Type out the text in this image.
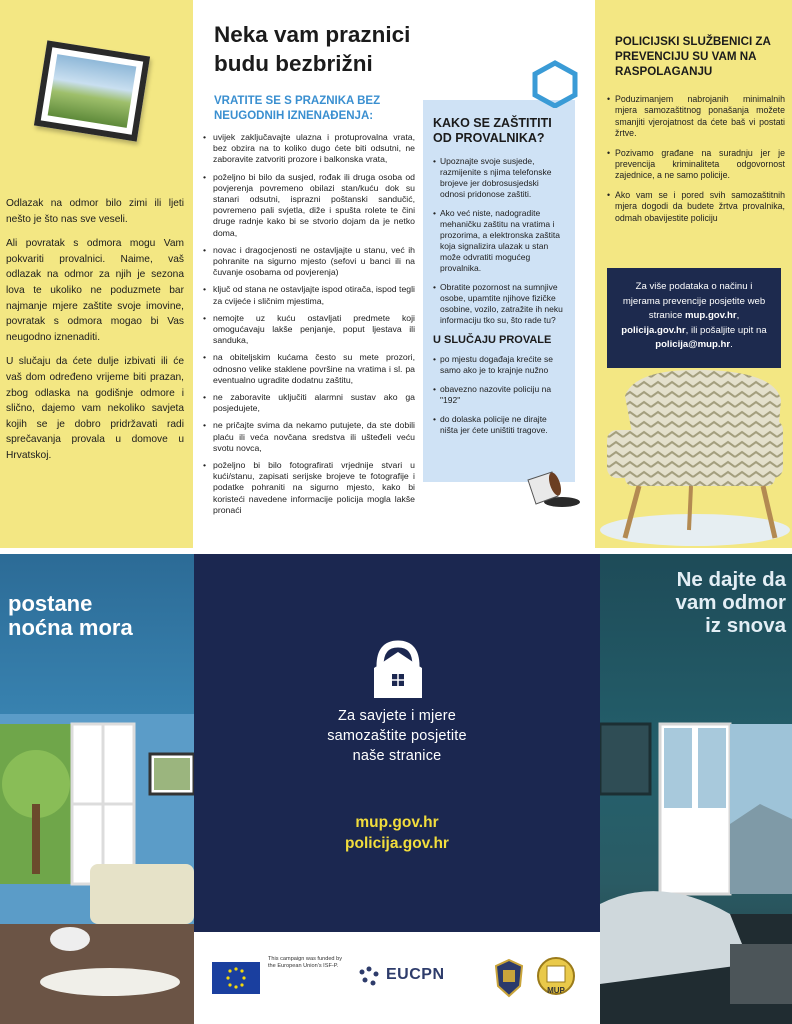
Odlazak na odmor bilo zimi ili ljeti nešto je što nas sve veseli.

Ali povratak s odmora mogu Vam pokvariti provalnici. Naime, vaš odlazak na odmor za njih je sezona lova te ukoliko ne poduzmete bar najmanje mjere zaštite svoje imovine, povratak s odmora mogao bi Vas neugodno iznenaditi.

U slučaju da ćete dulje izbivati ili će vaš dom određeno vrijeme biti prazan, zbog odlaska na godišnje odmore i slično, dajemo vam nekoliko savjeta kojih se je dobro pridržavati radi sprečavanja provala u domove u Hrvatskoj.

Neka vam praznici
budu bezbrižni
VRATITE SE S PRAZNIKA BEZ NEUGODNIH IZNENAĐENJA:
• uvijek zaključavajte ulazna i protuprovalna vrata, bez obzira na to koliko dugo ćete biti odsutni, ne zaboravite zatvoriti prozore i balkonska vrata,
• poželjno bi bilo da susjed, rođak ili druga osoba od povjerenja povremeno obilazi stan/kuću dok su stanari odsutni, isprazni poštanski sandučić, povremeno pali svjetla, diže i spušta rolete te čini druge radnje kako bi se stvorio dojam da je netko doma,
• novac i dragocjenosti ne ostavljajte u stanu, već ih pohranite na sigurno mjesto (sefovi u banci ili na čuvanje osobama od povjerenja)
• ključ od stana ne ostavljajte ispod otirača, ispod tegli za cvijeće i sličnim mjestima,
• nemojte uz kuću ostavljati predmete koji omogućavaju lakše penjanje, poput ljestava ili sanduka,
• na obiteljskim kućama često su mete prozori, odnosno velike staklene površine na vratima i sl. pa eventualno ugradite dodatnu zaštitu,
• ne zaboravite uključiti alarmni sustav ako ga posjedujete,
• ne pričajte svima da nekamo putujete, da ste dobili plaću ili veća novčana sredstva ili ušteđeli veću svotu novca,
• poželjno bi bilo fotografirati vrjednije stvari u kući/stanu, zapisati serijske brojeve te fotografije i podatke pohraniti na sigurno mjesto, kako bi koristeći navedene informacije policija mogla lakše pronaći
KAKO SE ZAŠTITITI OD PROVALNIKA?
• Upoznajte svoje susjede, razmijenite s njima telefonske brojeve jer dobrosusjedski odnosi pridonose zaštiti.
• Ako već niste, nadogradite mehaničku zaštitu na vratima i prozorima, a elektronska zaštita koja signalizira ulazak u stan može odvratiti mogućeg provalnika.
• Obratite pozornost na sumnjive osobe, upamtite njihove fizičke osobine, vozilo, zatražite ih neku informaciju tko su, što rade tu?
U SLUČAJU PROVALE
• po mjestu događaja krećite se samo ako je to krajnje nužno
• obavezno nazovite policiju na "192"
• do dolaska policije ne dirajte ništa jer ćete uništiti tragove.
POLICIJSKI SLUŽBENICI ZA PREVENCIJU SU VAM NA RASPOLAGANJU
• Poduzimanjem nabrojanih minimalnih mjera samozaštitnog ponašanja možete smanjiti vjerojatnost da ćete baš vi postati žrtve.
• Pozivamo građane na suradnju jer je prevencija kriminaliteta odgovornost zajednice, a ne samo policije.
• Ako vam se i pored svih samozaštitnih mjera dogodi da budete žrtva provalnika, odmah obavijestite policiju
Za više podataka o načinu i mjerama prevencije posjetite web stranice mup.gov.hr, policija.gov.hr, ili pošaljite upit na policija@mup.hr.
postane
noćna mora
Za savjete i mjere
samozaštite posjetite
naše stranice
mup.gov.hr
policija.gov.hr
This campaign was funded by the European Union's ISF-P.	EUCPN
MUP
Ne dajte da
vam odmor
iz snova
